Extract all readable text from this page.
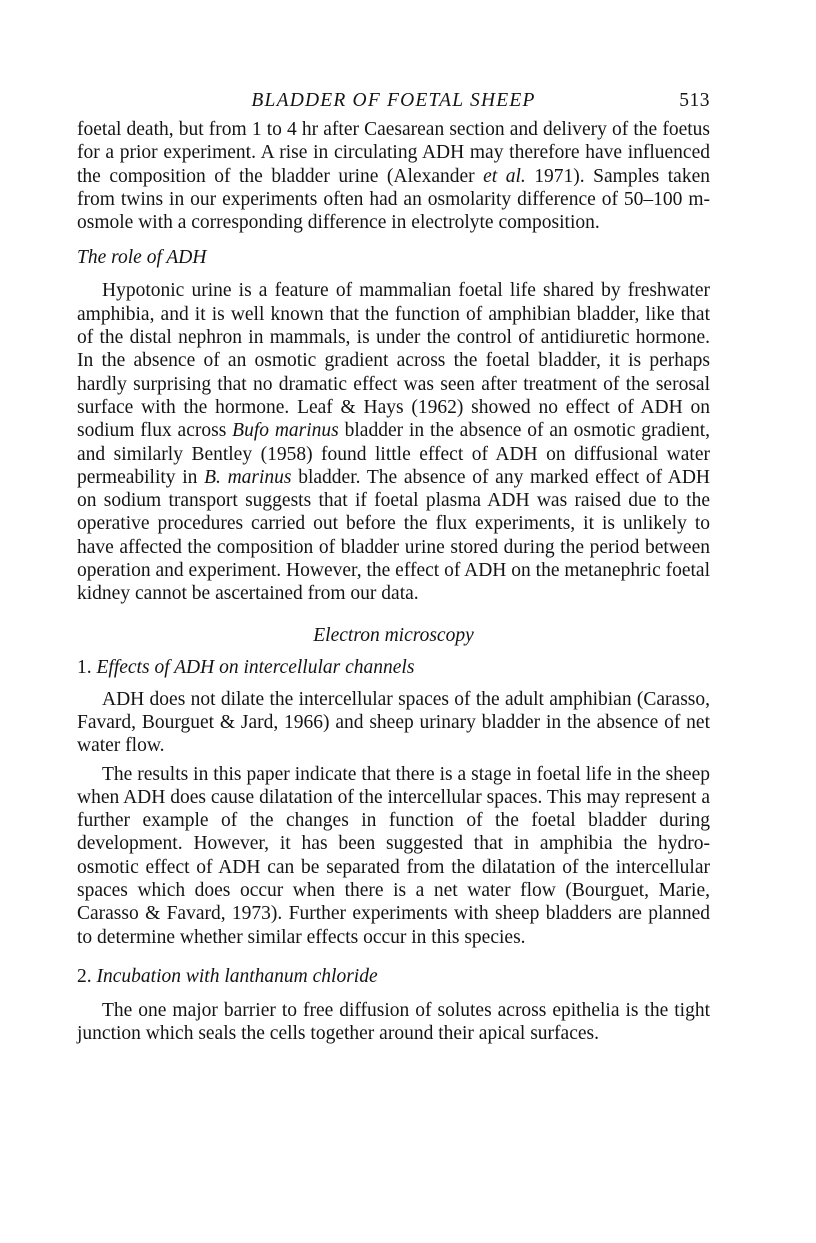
BLADDER OF FOETAL SHEEP	513

foetal death, but from 1 to 4 hr after Caesarean section and delivery of the foetus for a prior experiment. A rise in circulating ADH may therefore have influenced the composition of the bladder urine (Alexander et al. 1971). Samples taken from twins in our experiments often had an osmolarity difference of 50–100 m-osmole with a corresponding difference in electrolyte composition.

The role of ADH

Hypotonic urine is a feature of mammalian foetal life shared by freshwater amphibia, and it is well known that the function of amphibian bladder, like that of the distal nephron in mammals, is under the control of antidiuretic hormone. In the absence of an osmotic gradient across the foetal bladder, it is perhaps hardly surprising that no dramatic effect was seen after treatment of the serosal surface with the hormone. Leaf & Hays (1962) showed no effect of ADH on sodium flux across Bufo marinus bladder in the absence of an osmotic gradient, and similarly Bentley (1958) found little effect of ADH on diffusional water permeability in B. marinus bladder. The absence of any marked effect of ADH on sodium transport suggests that if foetal plasma ADH was raised due to the operative procedures carried out before the flux experiments, it is unlikely to have affected the composition of bladder urine stored during the period between operation and experiment. However, the effect of ADH on the metanephric foetal kidney cannot be ascertained from our data.

Electron microscopy
1. Effects of ADH on intercellular channels

ADH does not dilate the intercellular spaces of the adult amphibian (Carasso, Favard, Bourguet & Jard, 1966) and sheep urinary bladder in the absence of net water flow.

The results in this paper indicate that there is a stage in foetal life in the sheep when ADH does cause dilatation of the intercellular spaces. This may represent a further example of the changes in function of the foetal bladder during development. However, it has been suggested that in amphibia the hydro-osmotic effect of ADH can be separated from the dilatation of the intercellular spaces which does occur when there is a net water flow (Bourguet, Marie, Carasso & Favard, 1973). Further experiments with sheep bladders are planned to determine whether similar effects occur in this species.

2. Incubation with lanthanum chloride

The one major barrier to free diffusion of solutes across epithelia is the tight junction which seals the cells together around their apical surfaces.
